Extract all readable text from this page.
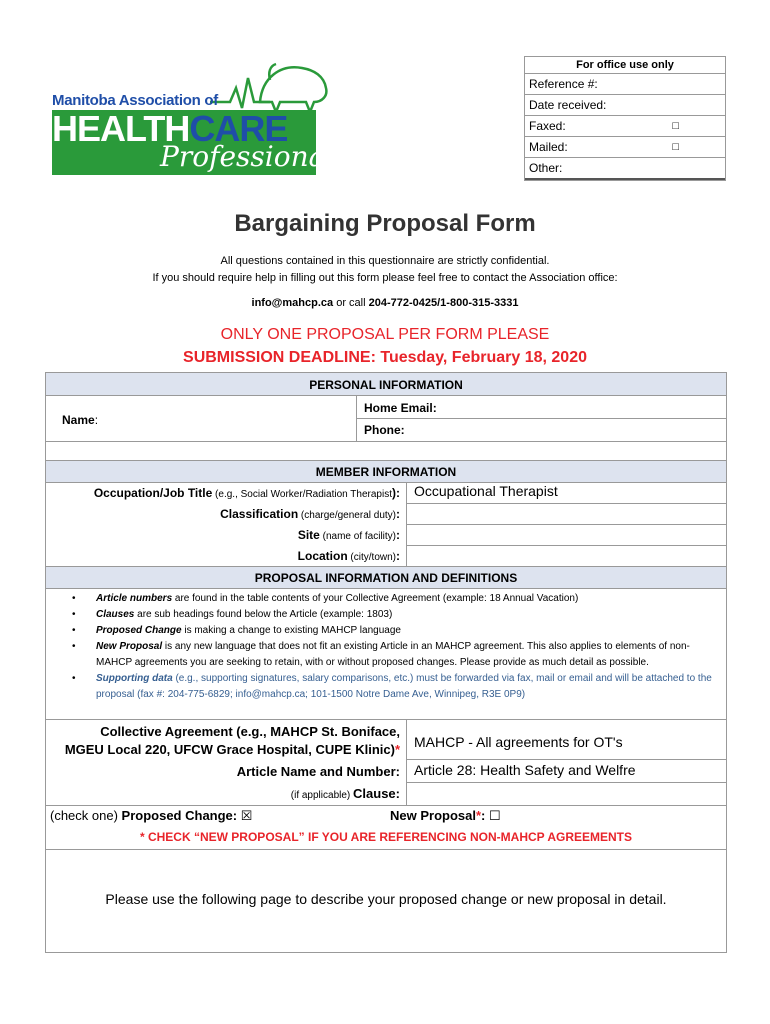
For office use only
Reference #:
Date received:
Faxed:	□
Mailed:	□
Other:
Manitoba Association of
HEALTHCARE
Professionals
Bargaining Proposal Form
All questions contained in this questionnaire are strictly confidential.
If you should require help in filling out this form please feel free to contact the Association office:
info@mahcp.ca or call 204-772-0425/1-800-315-3331
ONLY ONE PROPOSAL PER FORM PLEASE
SUBMISSION DEADLINE: Tuesday, February 18, 2020
PERSONAL INFORMATION
Name:
Home Email:
Phone:
MEMBER INFORMATION
Occupation/Job Title (e.g., Social Worker/Radiation Therapist): Occupational Therapist
Classification (charge/general duty):
Site (name of facility):
Location (city/town):
PROPOSAL INFORMATION AND DEFINITIONS
• Article numbers are found in the table contents of your Collective Agreement (example: 18 Annual Vacation)
• Clauses are sub headings found below the Article (example: 1803)
• Proposed Change is making a change to existing MAHCP language
• New Proposal is any new language that does not fit an existing Article in an MAHCP agreement. This also applies to elements of non-MAHCP agreements you are seeking to retain, with or without proposed changes. Please provide as much detail as possible.
• Supporting data (e.g., supporting signatures, salary comparisons, etc.) must be forwarded via fax, mail or email and will be attached to the proposal (fax #: 204-775-6829; info@mahcp.ca; 101-1500 Notre Dame Ave, Winnipeg, R3E 0P9)
Collective Agreement (e.g., MAHCP St. Boniface,
MGEU Local 220, UFCW Grace Hospital, CUPE Klinic)* MAHCP - All agreements for OT's
Article Name and Number: Article 28: Health Safety and Welfre
(if applicable) Clause:
(check one) Proposed Change: ☒	New Proposal*: ☐
* CHECK “NEW PROPOSAL” IF YOU ARE REFERENCING NON-MAHCP AGREEMENTS
Please use the following page to describe your proposed change or new proposal in detail.
